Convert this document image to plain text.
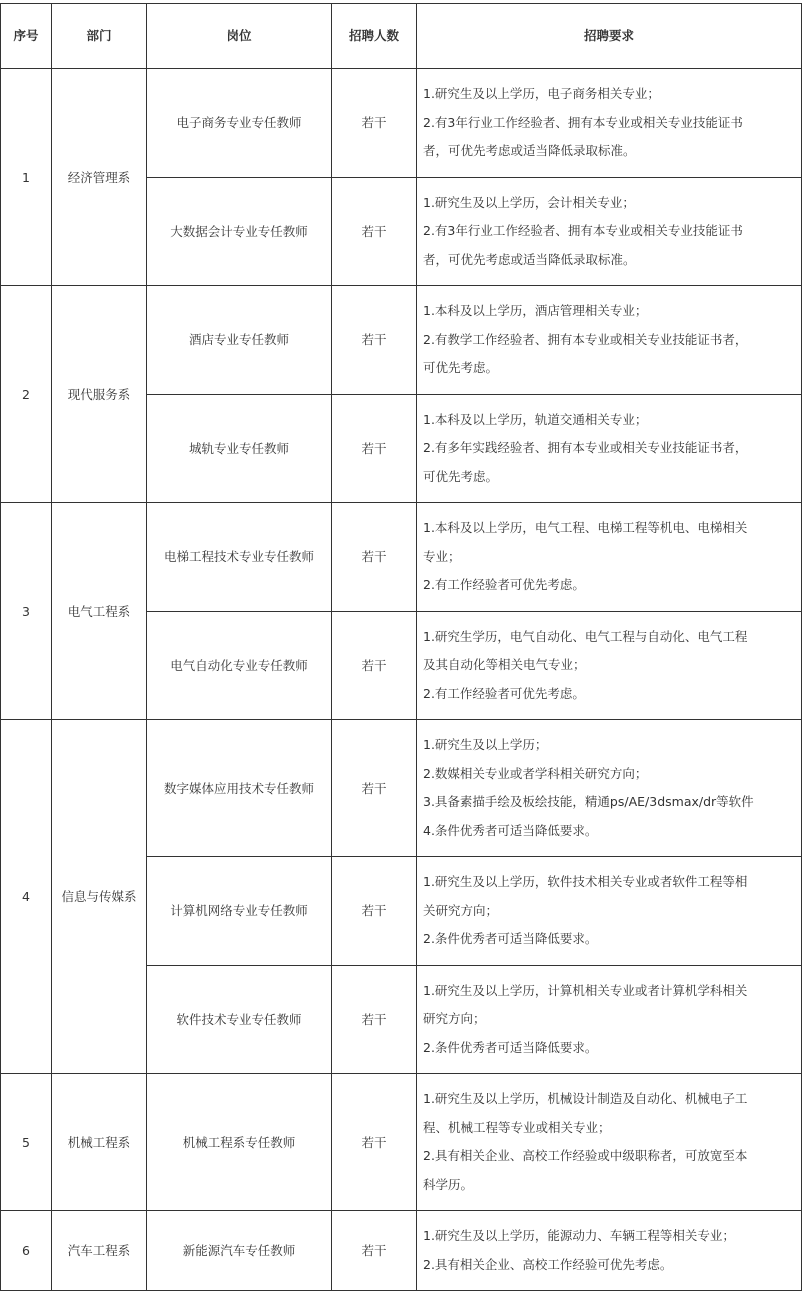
序号	部门	岗位	招聘人数	招聘要求
1	经济管理系	电子商务专业专任教师	若干	1.研究生及以上学历，电子商务相关专业；
2.有3年行业工作经验者、拥有本专业或相关专业技能证书
者，可优先考虑或适当降低录取标准。

		大数据会计专业专任教师	若干	1.研究生及以上学历，会计相关专业；
2.有3年行业工作经验者、拥有本专业或相关专业技能证书
者，可优先考虑或适当降低录取标准。

2	现代服务系	酒店专业专任教师	若干	1.本科及以上学历，酒店管理相关专业；
2.有教学工作经验者、拥有本专业或相关专业技能证书者，
可优先考虑。

		城轨专业专任教师	若干	1.本科及以上学历，轨道交通相关专业；
2.有多年实践经验者、拥有本专业或相关专业技能证书者，
可优先考虑。

3	电气工程系	电梯工程技术专业专任教师	若干	1.本科及以上学历，电气工程、电梯工程等机电、电梯相关
专业；
2.有工作经验者可优先考虑。

		电气自动化专业专任教师	若干	1.研究生学历，电气自动化、电气工程与自动化、电气工程
及其自动化等相关电气专业；
2.有工作经验者可优先考虑。

4	信息与传媒系	数字媒体应用技术专任教师	若干	1.研究生及以上学历；
2.数媒相关专业或者学科相关研究方向；
3.具备素描手绘及板绘技能，精通ps/AE/3dsmax/dr等软件
4.条件优秀者可适当降低要求。

		计算机网络专业专任教师	若干	1.研究生及以上学历，软件技术相关专业或者软件工程等相
关研究方向；
2.条件优秀者可适当降低要求。

		软件技术专业专任教师	若干	1.研究生及以上学历，计算机相关专业或者计算机学科相关
研究方向；
2.条件优秀者可适当降低要求。

5	机械工程系	机械工程系专任教师	若干	1.研究生及以上学历，机械设计制造及自动化、机械电子工
程、机械工程等专业或相关专业；
2.具有相关企业、高校工作经验或中级职称者，可放宽至本
科学历。

6	汽车工程系	新能源汽车专任教师	若干	1.研究生及以上学历，能源动力、车辆工程等相关专业；
2.具有相关企业、高校工作经验可优先考虑。
